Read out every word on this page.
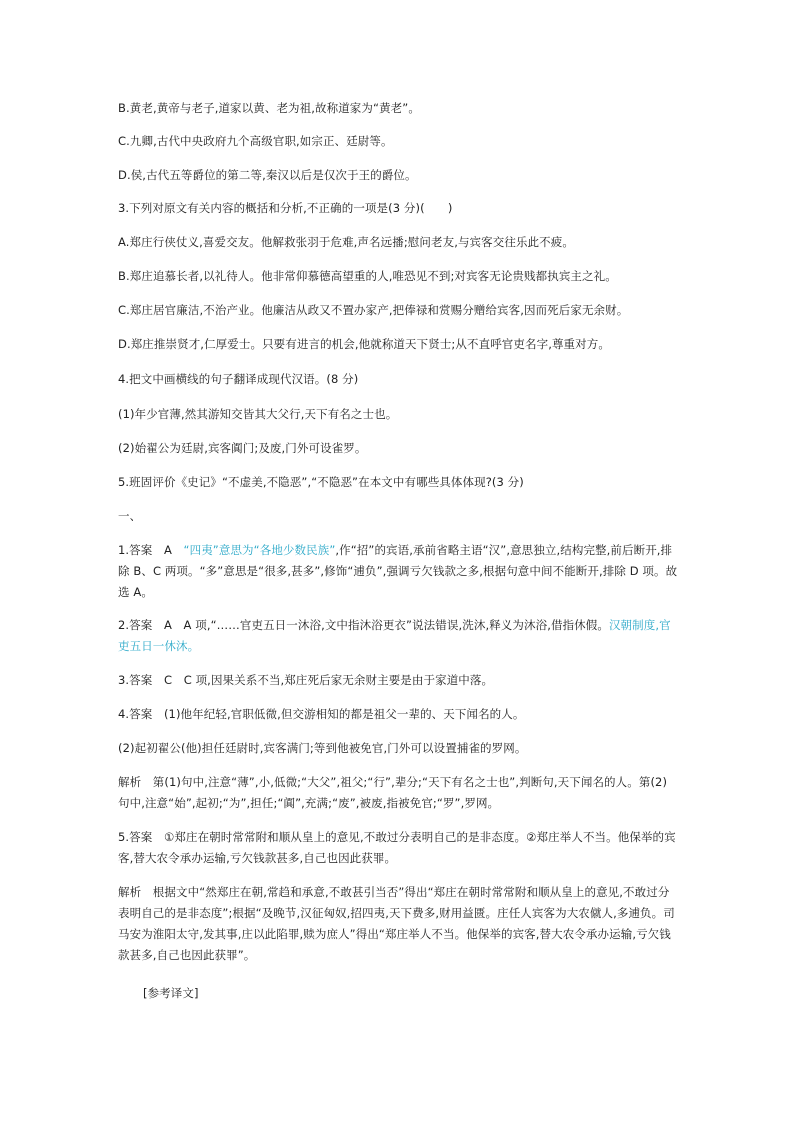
B.黄老,黄帝与老子,道家以黄、老为祖,故称道家为“黄老”。

C.九卿,古代中央政府九个高级官职,如宗正、廷尉等。

D.侯,古代五等爵位的第二等,秦汉以后是仅次于王的爵位。

3.下列对原文有关内容的概括和分析,不正确的一项是(3 分)(　　)

A.郑庄行侠仗义,喜爱交友。他解救张羽于危难,声名远播;慰问老友,与宾客交往乐此不疲。

B.郑庄追慕长者,以礼待人。他非常仰慕德高望重的人,唯恐见不到;对宾客无论贵贱都执宾主之礼。

C.郑庄居官廉洁,不治产业。他廉洁从政又不置办家产,把俸禄和赏赐分赠给宾客,因而死后家无余财。

D.郑庄推崇贤才,仁厚爱士。只要有进言的机会,他就称道天下贤士;从不直呼官吏名字,尊重对方。

4.把文中画横线的句子翻译成现代汉语。(8 分)

(1)年少官薄,然其游知交皆其大父行,天下有名之士也。

(2)始翟公为廷尉,宾客阗门;及废,门外可设雀罗。

5.班固评价《史记》“不虚美,不隐恶”,“不隐恶”在本文中有哪些具体体现?(3 分)

一、

1.答案　A　“四夷”意思为“各地少数民族”,作“招”的宾语,承前省略主语“汉”,意思独立,结构完整,前后断开,排除 B、C 两项。“多”意思是“很多,甚多”,修饰“逋负”,强调亏欠钱款之多,根据句意中间不能断开,排除 D 项。故选 A。

2.答案　A　A 项,“……官吏五日一沐浴,文中指沐浴更衣”说法错误,洗沐,释义为沐浴,借指休假。汉朝制度,官吏五日一休沐。

3.答案　C　C 项,因果关系不当,郑庄死后家无余财主要是由于家道中落。

4.答案　(1)他年纪轻,官职低微,但交游相知的都是祖父一辈的、天下闻名的人。

(2)起初翟公(他)担任廷尉时,宾客满门;等到他被免官,门外可以设置捕雀的罗网。

解析　第(1)句中,注意“薄”,小,低微;“大父”,祖父;“行”,辈分;“天下有名之士也”,判断句,天下闻名的人。第(2)句中,注意“始”,起初;“为”,担任;“阗”,充满;“废”,被废,指被免官;“罗”,罗网。

5.答案　①郑庄在朝时常常附和顺从皇上的意见,不敢过分表明自己的是非态度。②郑庄举人不当。他保举的宾客,替大农令承办运输,亏欠钱款甚多,自己也因此获罪。

解析　根据文中“然郑庄在朝,常趋和承意,不敢甚引当否”得出“郑庄在朝时常常附和顺从皇上的意见,不敢过分表明自己的是非态度”;根据“及晚节,汉征匈奴,招四夷,天下费多,财用益匮。庄任人宾客为大农僦人,多逋负。司马安为淮阳太守,发其事,庄以此陷罪,赎为庶人”得出“郑庄举人不当。他保举的宾客,替大农令承办运输,亏欠钱款甚多,自己也因此获罪”。

[参考译文]
